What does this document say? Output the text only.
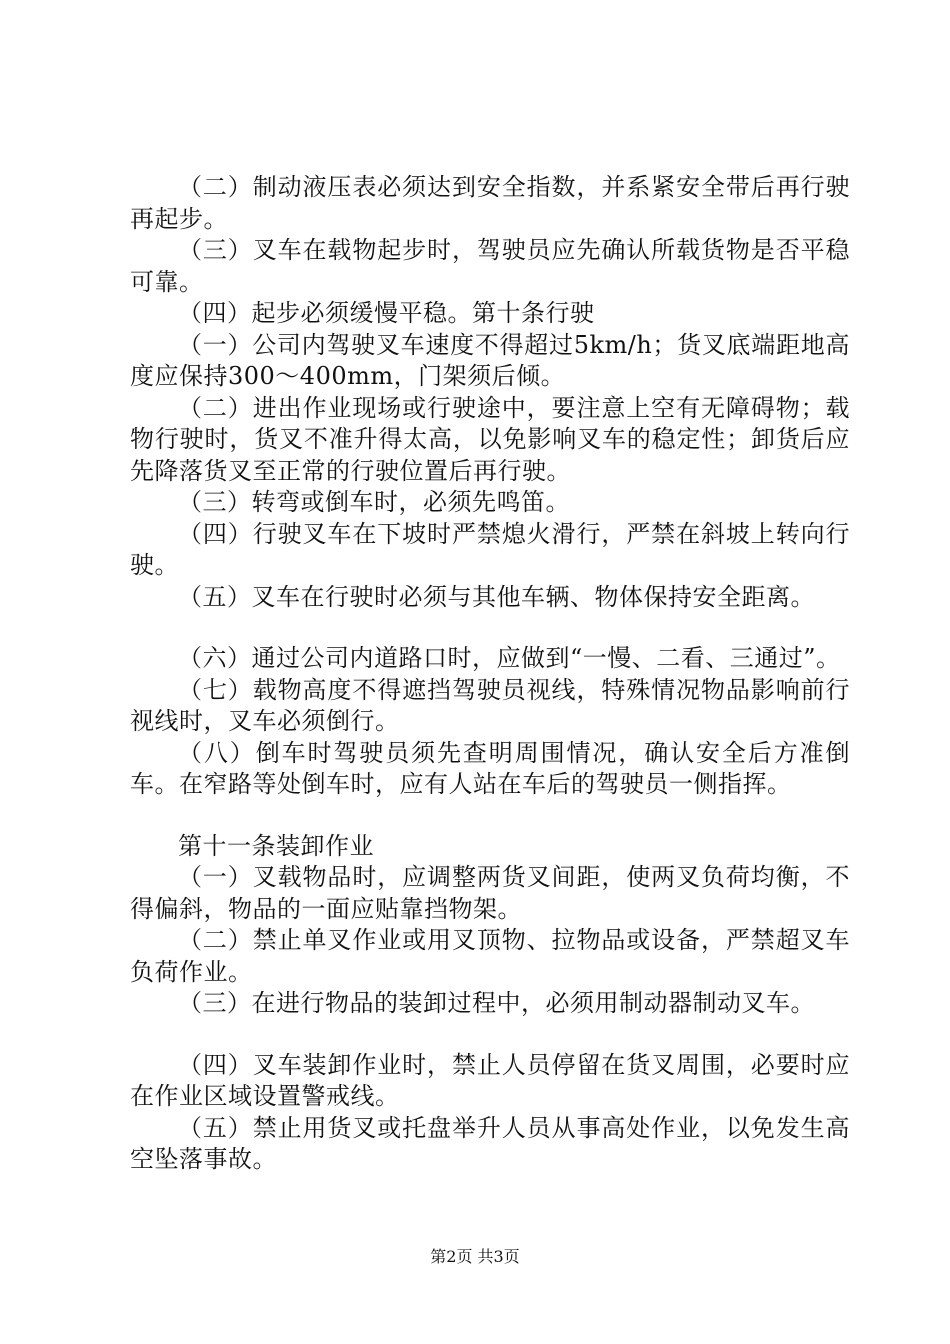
（二）制动液压表必须达到安全指数，并系紧安全带后再行驶再起步。

（三）叉车在载物起步时，驾驶员应先确认所载货物是否平稳可靠。

（四）起步必须缓慢平稳。第十条行驶

（一）公司内驾驶叉车速度不得超过5km/h；货叉底端距地高度应保持300～400mm，门架须后倾。

（二）进出作业现场或行驶途中，要注意上空有无障碍物；载物行驶时，货叉不准升得太高，以免影响叉车的稳定性；卸货后应先降落货叉至正常的行驶位置后再行驶。

（三）转弯或倒车时，必须先鸣笛。

（四）行驶叉车在下坡时严禁熄火滑行，严禁在斜坡上转向行驶。

（五）叉车在行驶时必须与其他车辆、物体保持安全距离。

（六）通过公司内道路口时，应做到“一慢、二看、三通过”。

（七）载物高度不得遮挡驾驶员视线，特殊情况物品影响前行视线时，叉车必须倒行。

（八）倒车时驾驶员须先查明周围情况，确认安全后方准倒车。在窄路等处倒车时，应有人站在车后的驾驶员一侧指挥。

第十一条装卸作业

（一）叉载物品时，应调整两货叉间距，使两叉负荷均衡，不得偏斜，物品的一面应贴靠挡物架。

（二）禁止单叉作业或用叉顶物、拉物品或设备，严禁超叉车负荷作业。

（三）在进行物品的装卸过程中，必须用制动器制动叉车。

（四）叉车装卸作业时，禁止人员停留在货叉周围，必要时应在作业区域设置警戒线。

（五）禁止用货叉或托盘举升人员从事高处作业，以免发生高空坠落事故。

第2页 共3页
